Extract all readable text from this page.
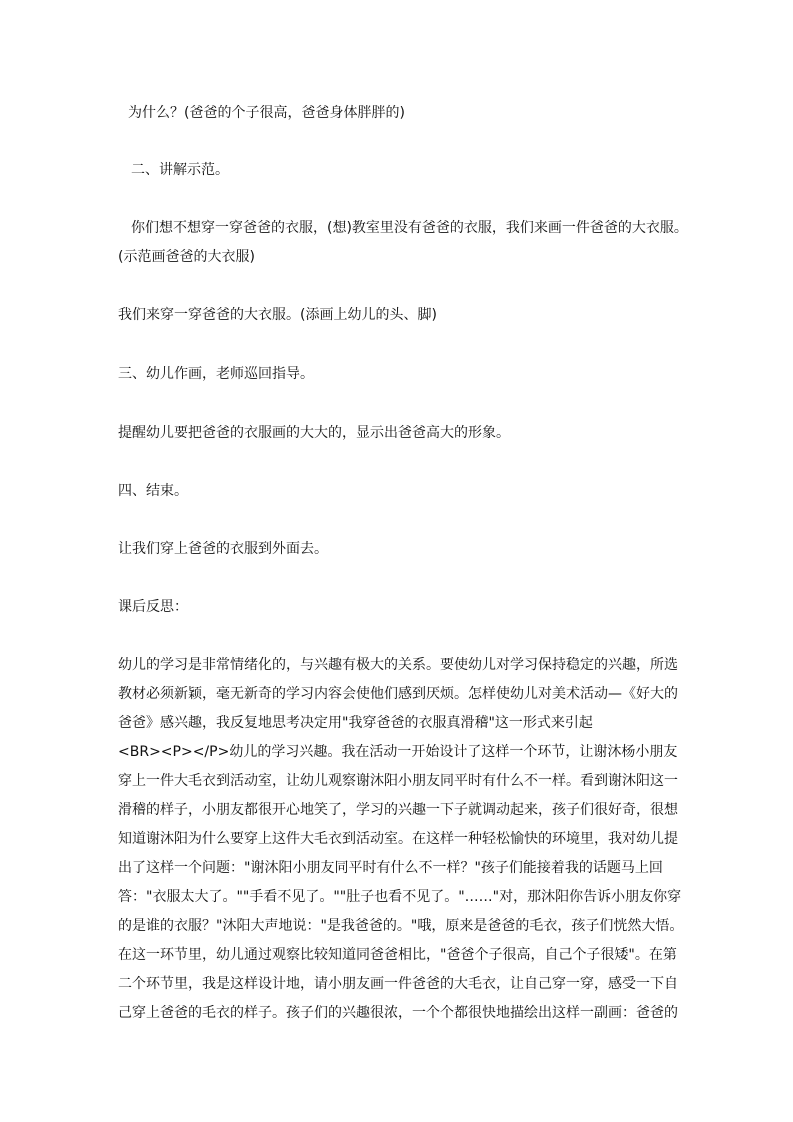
为什么？(爸爸的个子很高，爸爸身体胖胖的)
二、讲解示范。
你们想不想穿一穿爸爸的衣服，(想)教室里没有爸爸的衣服，我们来画一件爸爸的大衣服。
(示范画爸爸的大衣服)
我们来穿一穿爸爸的大衣服。(添画上幼儿的头、脚)
三、幼儿作画，老师巡回指导。
提醒幼儿要把爸爸的衣服画的大大的，显示出爸爸高大的形象。
四、结束。
让我们穿上爸爸的衣服到外面去。
课后反思：
幼儿的学习是非常情绪化的，与兴趣有极大的关系。要使幼儿对学习保持稳定的兴趣，所选
教材必须新颖，毫无新奇的学习内容会使他们感到厌烦。怎样使幼儿对美术活动—《好大的
爸爸》感兴趣，我反复地思考决定用"我穿爸爸的衣服真滑稽"这一形式来引起
<BR><P></P>幼儿的学习兴趣。我在活动一开始设计了这样一个环节，让谢沐杨小朋友
穿上一件大毛衣到活动室，让幼儿观察谢沐阳小朋友同平时有什么不一样。看到谢沐阳这一
滑稽的样子，小朋友都很开心地笑了，学习的兴趣一下子就调动起来，孩子们很好奇，很想
知道谢沐阳为什么要穿上这件大毛衣到活动室。在这样一种轻松愉快的环境里，我对幼儿提
出了这样一个问题："谢沐阳小朋友同平时有什么不一样？"孩子们能接着我的话题马上回
答："衣服太大了。""手看不见了。""肚子也看不见了。"……"对，那沐阳你告诉小朋友你穿
的是谁的衣服？"沐阳大声地说："是我爸爸的。"哦，原来是爸爸的毛衣，孩子们恍然大悟。
在这一环节里，幼儿通过观察比较知道同爸爸相比，"爸爸个子很高，自己个子很矮"。在第
二个环节里，我是这样设计地，请小朋友画一件爸爸的大毛衣，让自己穿一穿，感受一下自
己穿上爸爸的毛衣的样子。孩子们的兴趣很浓，一个个都很快地描绘出这样一副画：爸爸的
